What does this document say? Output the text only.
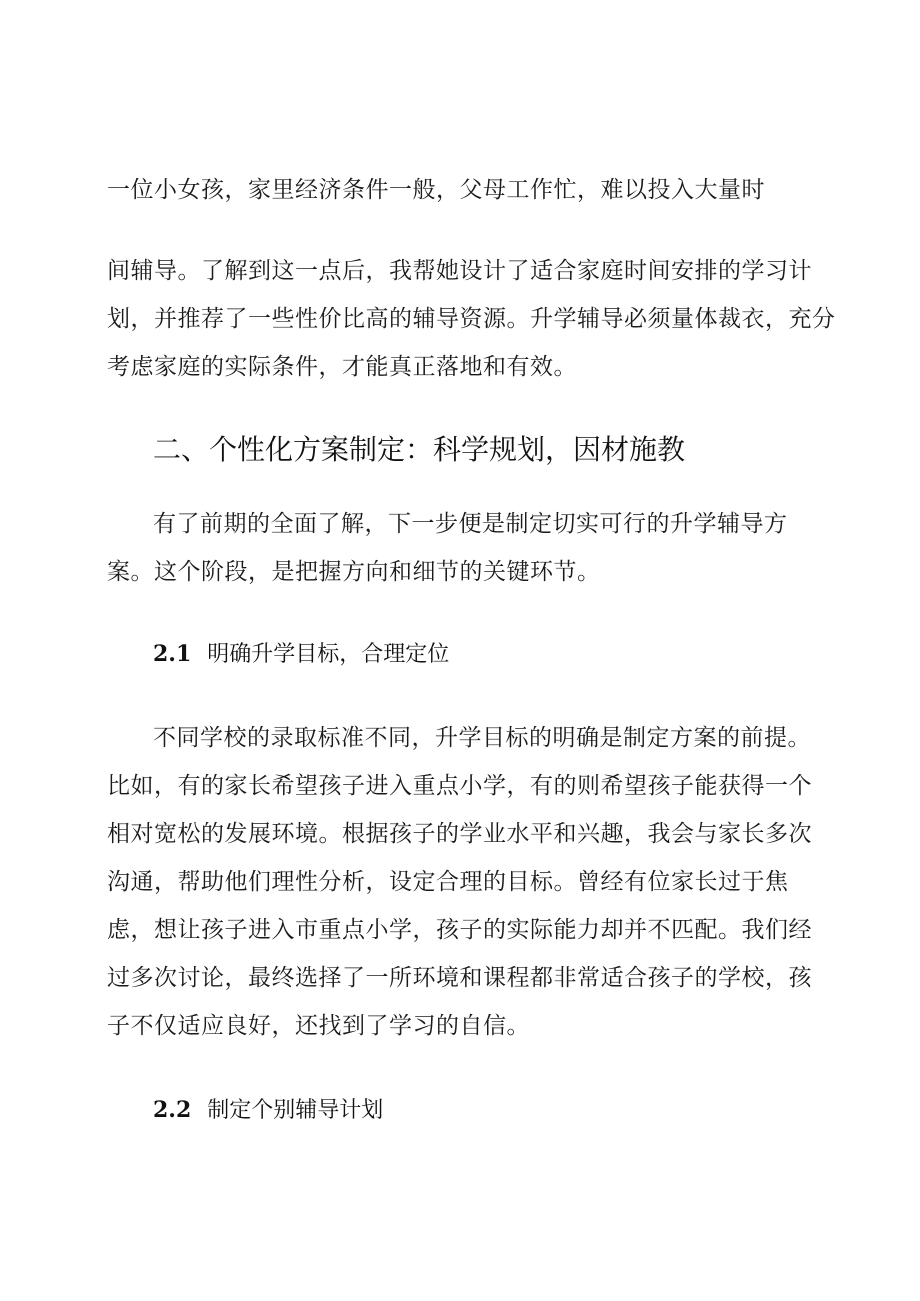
一位小女孩，家里经济条件一般，父母工作忙，难以投入大量时
间辅导。了解到这一点后，我帮她设计了适合家庭时间安排的学习计
划，并推荐了一些性价比高的辅导资源。升学辅导必须量体裁衣，充分
考虑家庭的实际条件，才能真正落地和有效。
二、个性化方案制定：科学规划，因材施教
有了前期的全面了解，下一步便是制定切实可行的升学辅导方
案。这个阶段，是把握方向和细节的关键环节。
2.1 明确升学目标，合理定位
不同学校的录取标准不同，升学目标的明确是制定方案的前提。
比如，有的家长希望孩子进入重点小学，有的则希望孩子能获得一个
相对宽松的发展环境。根据孩子的学业水平和兴趣，我会与家长多次
沟通，帮助他们理性分析，设定合理的目标。曾经有位家长过于焦
虑，想让孩子进入市重点小学，孩子的实际能力却并不匹配。我们经
过多次讨论，最终选择了一所环境和课程都非常适合孩子的学校，孩
子不仅适应良好，还找到了学习的自信。
2.2 制定个别辅导计划
